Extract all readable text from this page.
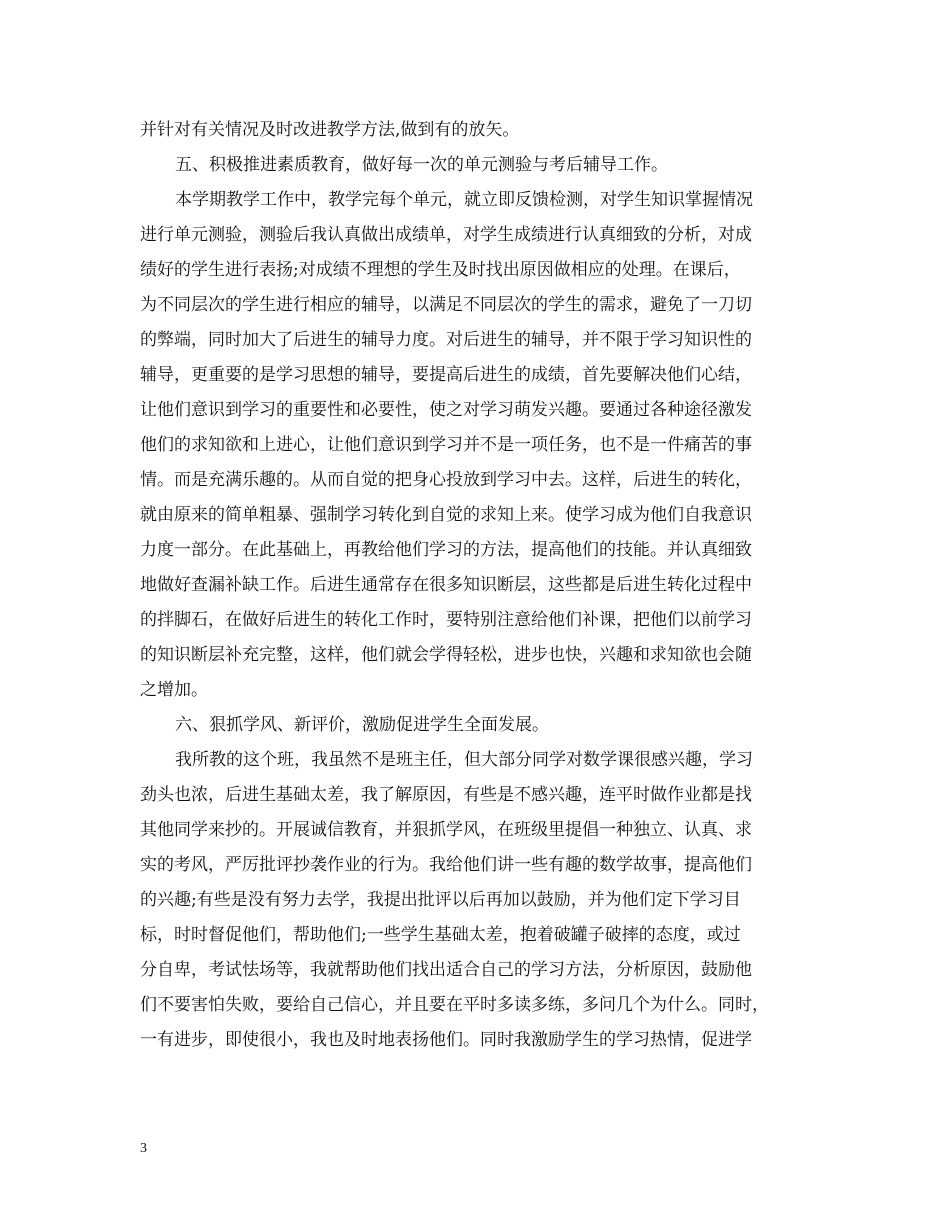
并针对有关情况及时改进教学方法,做到有的放矢。
五、积极推进素质教育，做好每一次的单元测验与考后辅导工作。
本学期教学工作中，教学完每个单元，就立即反馈检测，对学生知识掌握情况
进行单元测验，测验后我认真做出成绩单，对学生成绩进行认真细致的分析，对成
绩好的学生进行表扬;对成绩不理想的学生及时找出原因做相应的处理。在课后，
为不同层次的学生进行相应的辅导，以满足不同层次的学生的需求，避免了一刀切
的弊端，同时加大了后进生的辅导力度。对后进生的辅导，并不限于学习知识性的
辅导，更重要的是学习思想的辅导，要提高后进生的成绩，首先要解决他们心结，
让他们意识到学习的重要性和必要性，使之对学习萌发兴趣。要通过各种途径激发
他们的求知欲和上进心，让他们意识到学习并不是一项任务，也不是一件痛苦的事
情。而是充满乐趣的。从而自觉的把身心投放到学习中去。这样，后进生的转化，
就由原来的简单粗暴、强制学习转化到自觉的求知上来。使学习成为他们自我意识
力度一部分。在此基础上，再教给他们学习的方法，提高他们的技能。并认真细致
地做好查漏补缺工作。后进生通常存在很多知识断层，这些都是后进生转化过程中
的拌脚石，在做好后进生的转化工作时，要特别注意给他们补课，把他们以前学习
的知识断层补充完整，这样，他们就会学得轻松，进步也快，兴趣和求知欲也会随
之增加。
六、狠抓学风、新评价，激励促进学生全面发展。
我所教的这个班，我虽然不是班主任，但大部分同学对数学课很感兴趣，学习
劲头也浓，后进生基础太差，我了解原因，有些是不感兴趣，连平时做作业都是找
其他同学来抄的。开展诚信教育，并狠抓学风，在班级里提倡一种独立、认真、求
实的考风，严厉批评抄袭作业的行为。我给他们讲一些有趣的数学故事，提高他们
的兴趣;有些是没有努力去学，我提出批评以后再加以鼓励，并为他们定下学习目
标，时时督促他们，帮助他们;一些学生基础太差，抱着破罐子破摔的态度，或过
分自卑，考试怯场等，我就帮助他们找出适合自己的学习方法，分析原因，鼓励他
们不要害怕失败，要给自己信心，并且要在平时多读多练，多问几个为什么。同时，
一有进步，即使很小，我也及时地表扬他们。同时我激励学生的学习热情，促进学
3
